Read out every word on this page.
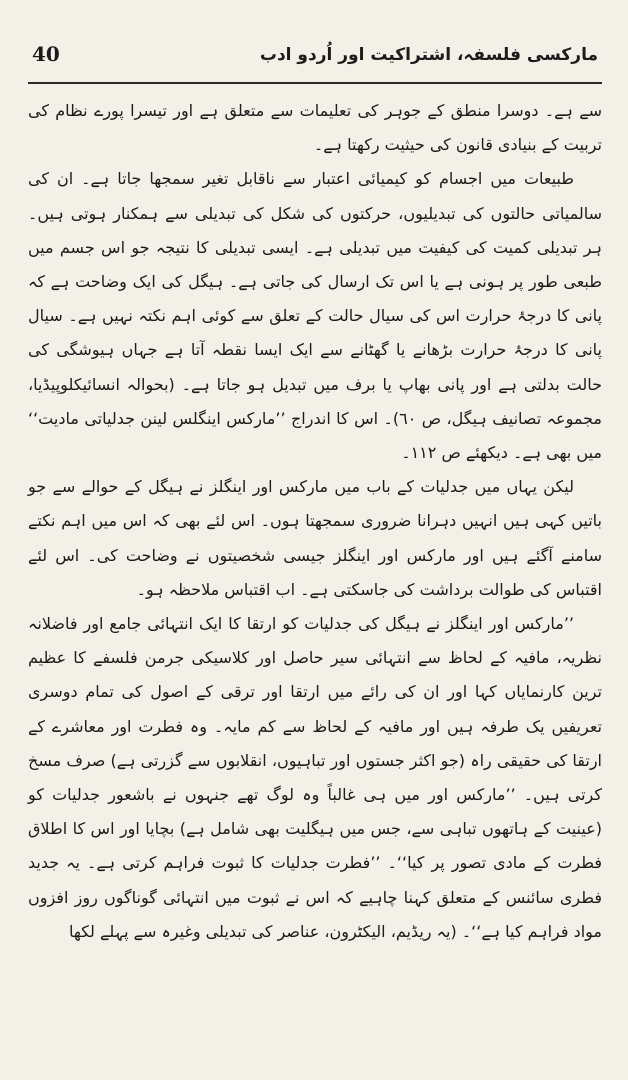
40	مارکسی فلسفہ، اشتراکیت اور اُردو ادب

سے ہے۔ دوسرا منطق کے جوہر کی تعلیمات سے متعلق ہے اور تیسرا پورے نظام کی تربیت کے بنیادی قانون کی حیثیت رکھتا ہے۔

طبیعات میں اجسام کو کیمیائی اعتبار سے ناقابل تغیر سمجھا جاتا ہے۔ ان کی سالمیاتی حالتوں کی تبدیلیوں، حرکتوں کی شکل کی تبدیلی سے ہمکنار ہوتی ہیں۔ ہر تبدیلی کمیت کی کیفیت میں تبدیلی ہے۔ ایسی تبدیلی کا نتیجہ جو اس جسم میں طبعی طور پر ہونی ہے یا اس تک ارسال کی جاتی ہے۔ ہیگل کی ایک وضاحت ہے کہ پانی کا درجۂ حرارت اس کی سیال حالت کے تعلق سے کوئی اہم نکتہ نہیں ہے۔ سیال پانی کا درجۂ حرارت بڑھانے یا گھٹانے سے ایک ایسا نقطہ آتا ہے جہاں ہیوشگی کی حالت بدلتی ہے اور پانی بھاپ یا برف میں تبدیل ہو جاتا ہے۔ (بحوالہ انسائیکلوپیڈیا، مجموعہ تصانیف ہیگل، ص ٦٠)۔ اس کا اندراج ’’مارکس اینگلس لینن جدلیاتی مادیت‘‘ میں بھی ہے۔ دیکھئے ص ١١٢۔

لیکن یہاں میں جدلیات کے باب میں مارکس اور اینگلز نے ہیگل کے حوالے سے جو باتیں کہی ہیں انہیں دہرانا ضروری سمجھتا ہوں۔ اس لئے بھی کہ اس میں اہم نکتے سامنے آگئے ہیں اور مارکس اور اینگلز جیسی شخصیتوں نے وضاحت کی۔ اس لئے اقتباس کی طوالت برداشت کی جاسکتی ہے۔ اب اقتباس ملاحظہ ہو۔

’’مارکس اور اینگلز نے ہیگل کی جدلیات کو ارتقا کا ایک انتہائی جامع اور فاضلانہ نظریہ، مافیہ کے لحاظ سے انتہائی سیر حاصل اور کلاسیکی جرمن فلسفے کا عظیم ترین کارنمایاں کہا اور ان کی رائے میں ارتقا اور ترقی کے اصول کی تمام دوسری تعریفیں یک طرفہ ہیں اور مافیہ کے لحاظ سے کم مایہ۔ وہ فطرت اور معاشرے کے ارتقا کی حقیقی راہ (جو اکثر جستوں اور تباہیوں، انقلابوں سے گزرتی ہے) صرف مسخ کرتی ہیں۔ ’’مارکس اور میں ہی غالباً وہ لوگ تھے جنہوں نے باشعور جدلیات کو (عینیت کے ہاتھوں تباہی سے، جس میں ہیگلیت بھی شامل ہے) بچایا اور اس کا اطلاق فطرت کے مادی تصور پر کیا‘‘۔ ’’فطرت جدلیات کا ثبوت فراہم کرتی ہے۔ یہ جدید فطری سائنس کے متعلق کہنا چاہیے کہ اس نے ثبوت میں انتہائی گوناگوں روز افزوں مواد فراہم کیا ہے‘‘۔ (یہ ریڈیم، الیکٹرون، عناصر کی تبدیلی وغیرہ سے پہلے لکھا
